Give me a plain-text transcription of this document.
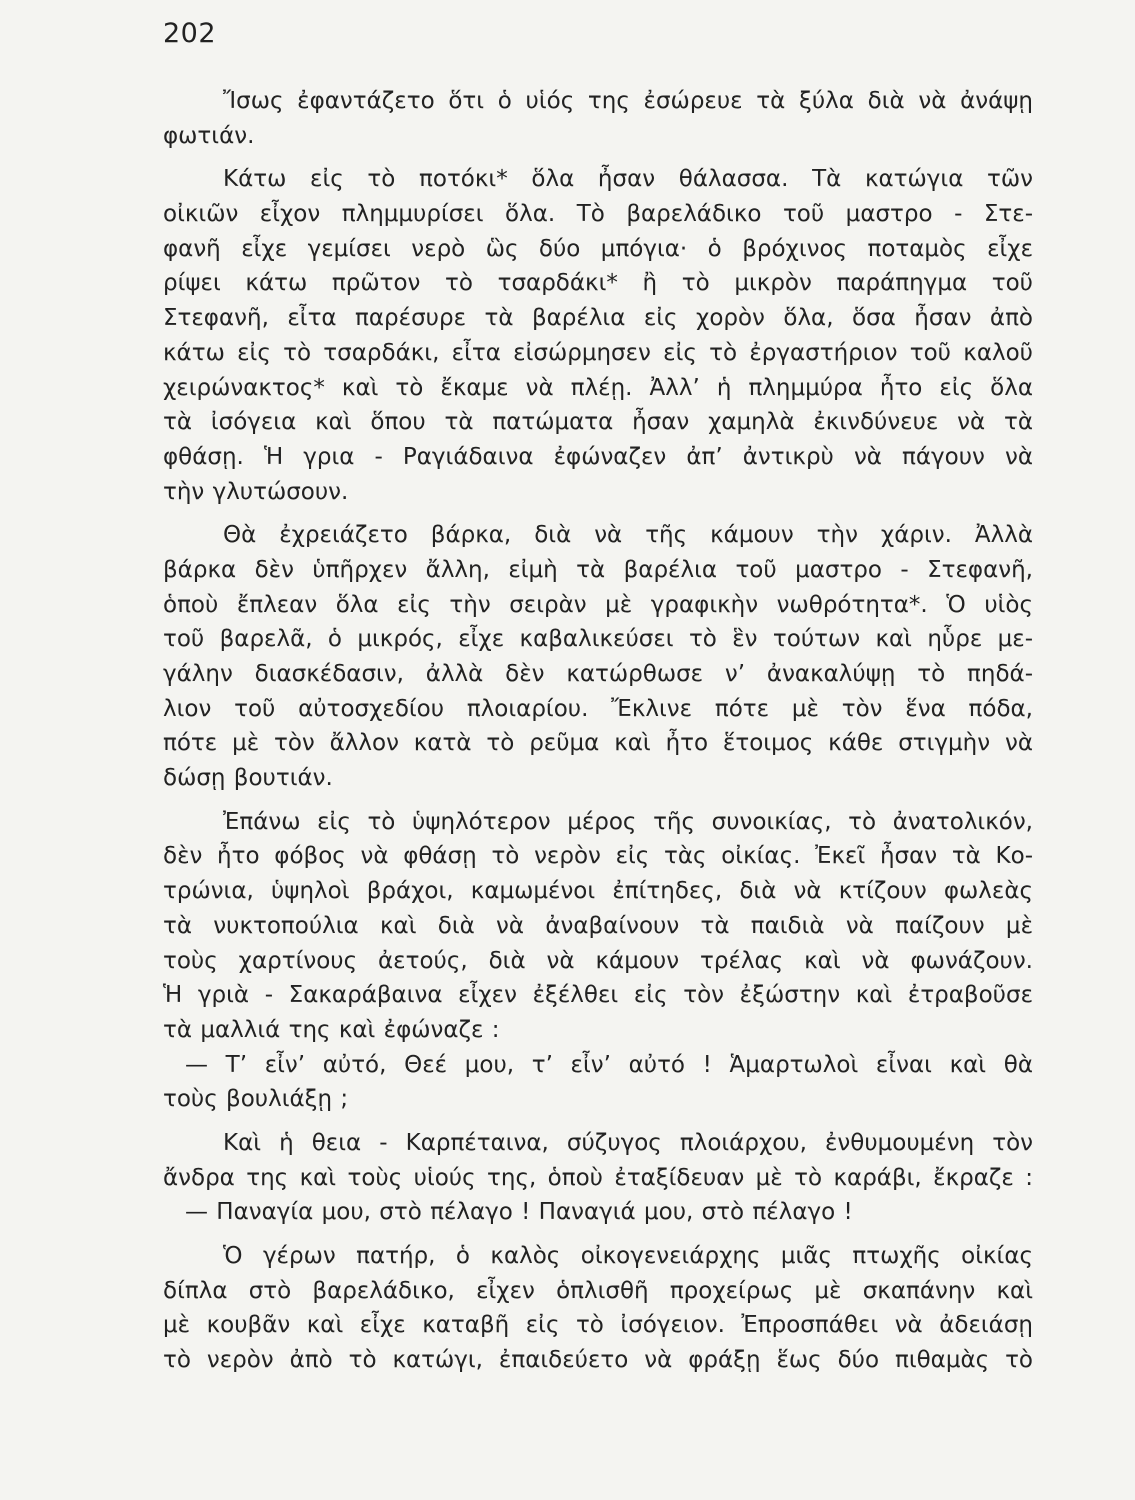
202
Ἴσως ἐφαντάζετο ὅτι ὁ υἱός της ἐσώρευε τὰ ξύλα διὰ νὰ ἀνάψῃ
φωτιάν.
Κάτω εἰς τὸ ποτόκι* ὅλα ἦσαν θάλασσα. Τὰ κατώγια τῶν
οἰκιῶν εἶχον πλημμυρίσει ὅλα. Τὸ βαρελάδικο τοῦ μαστρο - Στε-
φανῆ εἶχε γεμίσει νερὸ ὣς δύο μπόγια· ὁ βρόχινος ποταμὸς εἶχε
ρίψει κάτω πρῶτον τὸ τσαρδάκι* ἢ τὸ μικρὸν παράπηγμα τοῦ
Στεφανῆ, εἶτα παρέσυρε τὰ βαρέλια εἰς χορὸν ὅλα, ὅσα ἦσαν ἀπὸ
κάτω εἰς τὸ τσαρδάκι, εἶτα εἰσώρμησεν εἰς τὸ ἐργαστήριον τοῦ καλοῦ
χειρώνακτος* καὶ τὸ ἔκαμε νὰ πλέῃ. Ἀλλ’ ἡ πλημμύρα ἦτο εἰς ὅλα
τὰ ἰσόγεια καὶ ὅπου τὰ πατώματα ἦσαν χαμηλὰ ἐκινδύνευε νὰ τὰ
φθάσῃ. Ἡ γρια - Ραγιάδαινα ἐφώναζεν ἀπ’ ἀντικρὺ νὰ πάγουν νὰ
τὴν γλυτώσουν.
Θὰ ἐχρειάζετο βάρκα, διὰ νὰ τῆς κάμουν τὴν χάριν. Ἀλλὰ
βάρκα δὲν ὑπῆρχεν ἄλλη, εἰμὴ τὰ βαρέλια τοῦ μαστρο - Στεφανῆ,
ὁποὺ ἔπλεαν ὅλα εἰς τὴν σειρὰν μὲ γραφικὴν νωθρότητα*. Ὁ υἱὸς
τοῦ βαρελᾶ, ὁ μικρός, εἶχε καβαλικεύσει τὸ ἓν τούτων καὶ ηὗρε με-
γάλην διασκέδασιν, ἀλλὰ δὲν κατώρθωσε ν’ ἀνακαλύψῃ τὸ πηδά-
λιον τοῦ αὐτοσχεδίου πλοιαρίου. Ἔκλινε πότε μὲ τὸν ἕνα πόδα,
πότε μὲ τὸν ἄλλον κατὰ τὸ ρεῦμα καὶ ἦτο ἕτοιμος κάθε στιγμὴν νὰ
δώσῃ βουτιάν.
Ἐπάνω εἰς τὸ ὑψηλότερον μέρος τῆς συνοικίας, τὸ ἀνατολικόν,
δὲν ἦτο φόβος νὰ φθάσῃ τὸ νερὸν εἰς τὰς οἰκίας. Ἐκεῖ ἦσαν τὰ Κο-
τρώνια, ὑψηλοὶ βράχοι, καμωμένοι ἐπίτηδες, διὰ νὰ κτίζουν φωλεὰς
τὰ νυκτοπούλια καὶ διὰ νὰ ἀναβαίνουν τὰ παιδιὰ νὰ παίζουν μὲ
τοὺς χαρτίνους ἀετούς, διὰ νὰ κάμουν τρέλας καὶ νὰ φωνάζουν.
Ἡ γριὰ - Σακαράβαινα εἶχεν ἐξέλθει εἰς τὸν ἐξώστην καὶ ἐτραβοῦσε
τὰ μαλλιά της καὶ ἐφώναζε :
— Τ’ εἶν’ αὐτό, Θεέ μου, τ’ εἶν’ αὐτό ! Ἁμαρτωλοὶ εἶναι καὶ θὰ
τοὺς βουλιάξῃ ;
Καὶ ἡ θεια - Καρπέταινα, σύζυγος πλοιάρχου, ἐνθυμουμένη τὸν
ἄνδρα της καὶ τοὺς υἱούς της, ὁποὺ ἐταξίδευαν μὲ τὸ καράβι, ἔκραζε :
— Παναγία μου, στὸ πέλαγο ! Παναγιά μου, στὸ πέλαγο !
Ὁ γέρων πατήρ, ὁ καλὸς οἰκογενειάρχης μιᾶς πτωχῆς οἰκίας
δίπλα στὸ βαρελάδικο, εἶχεν ὁπλισθῆ προχείρως μὲ σκαπάνην καὶ
μὲ κουβᾶν καὶ εἶχε καταβῆ εἰς τὸ ἰσόγειον. Ἐπροσπάθει νὰ ἀδειάσῃ
τὸ νερὸν ἀπὸ τὸ κατώγι, ἐπαιδεύετο νὰ φράξῃ ἕως δύο πιθαμὰς τὸ
